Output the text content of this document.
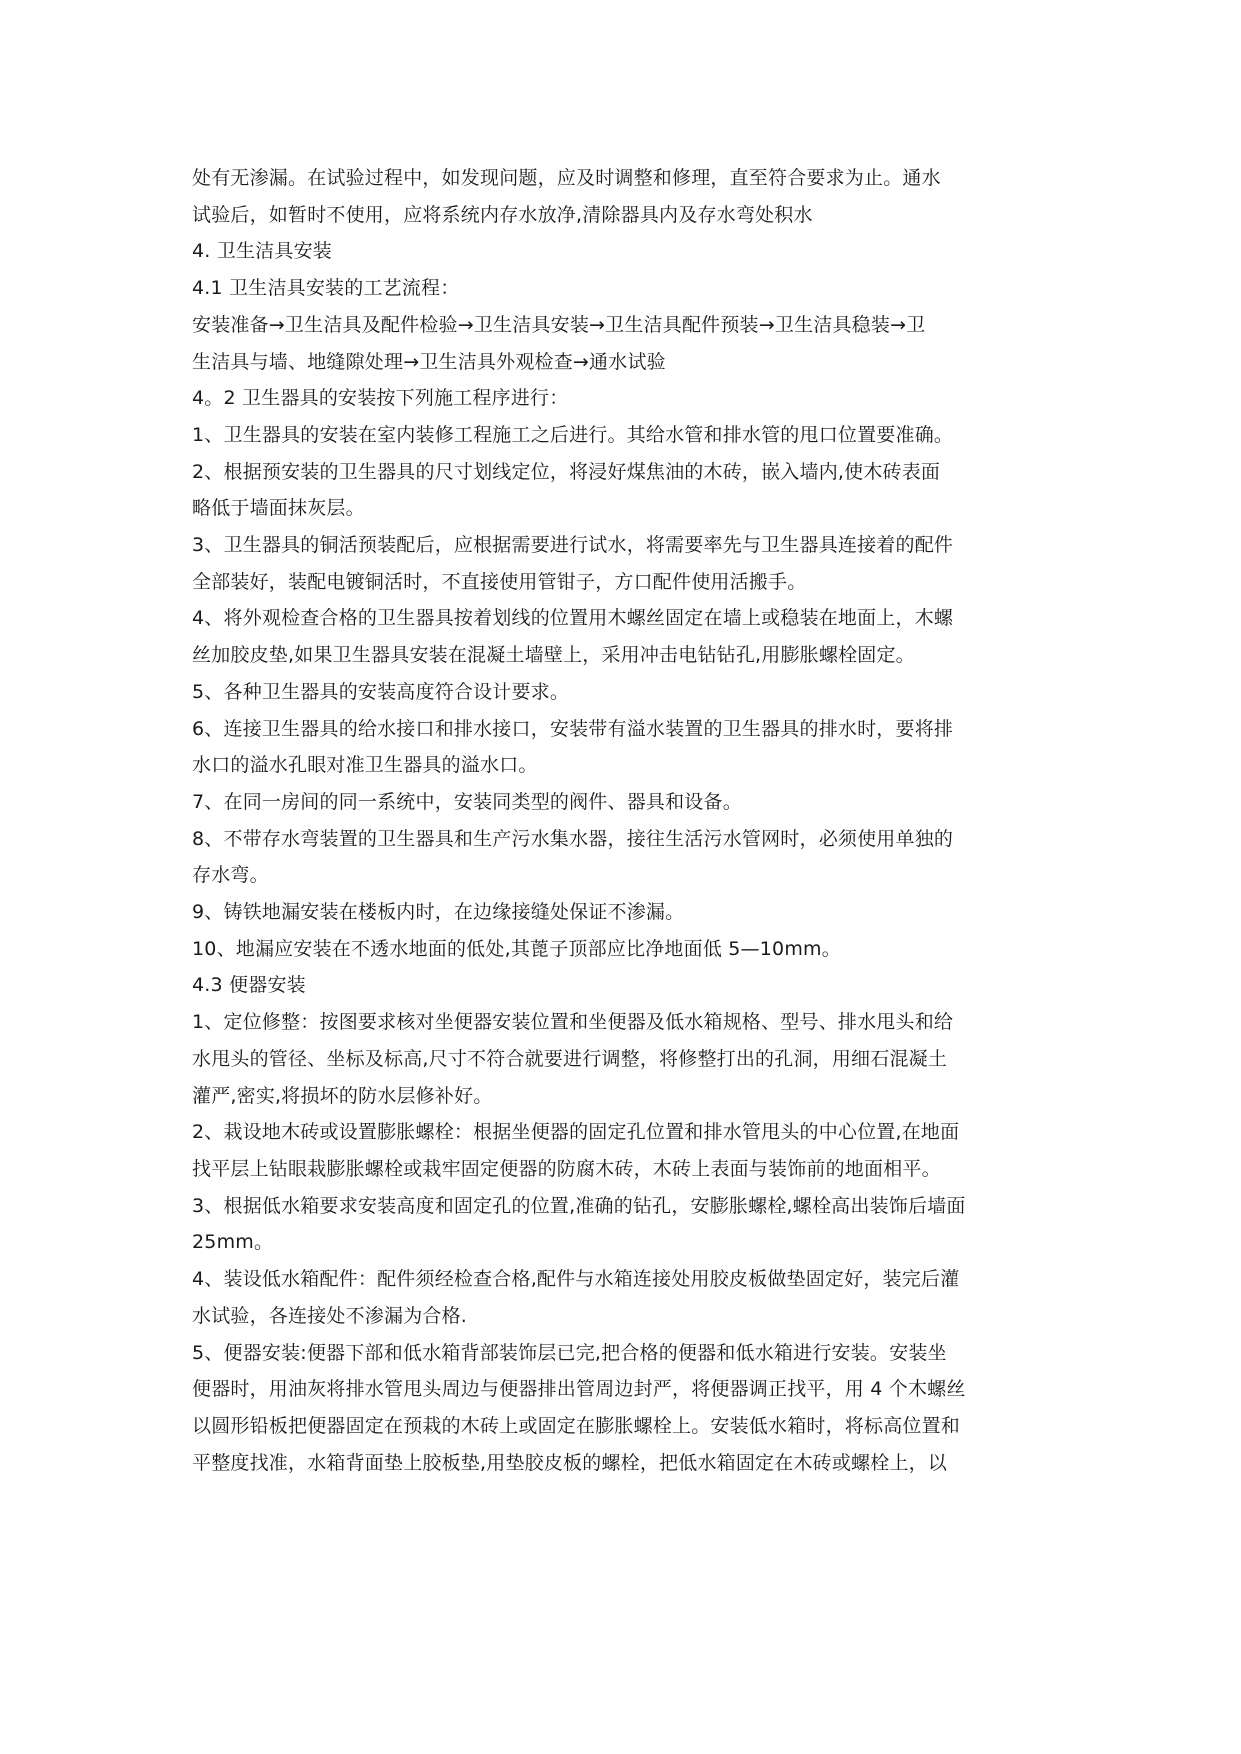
处有无渗漏。在试验过程中，如发现问题，应及时调整和修理，直至符合要求为止。通水
试验后，如暂时不使用，应将系统内存水放净,清除器具内及存水弯处积水
4. 卫生洁具安装
4.1 卫生洁具安装的工艺流程：
安装准备→卫生洁具及配件检验→卫生洁具安装→卫生洁具配件预装→卫生洁具稳装→卫
生洁具与墙、地缝隙处理→卫生洁具外观检查→通水试验
4。2 卫生器具的安装按下列施工程序进行：
1、卫生器具的安装在室内装修工程施工之后进行。其给水管和排水管的甩口位置要准确。
2、根据预安装的卫生器具的尺寸划线定位，将浸好煤焦油的木砖，嵌入墙内,使木砖表面
略低于墙面抹灰层。
3、卫生器具的铜活预装配后，应根据需要进行试水，将需要率先与卫生器具连接着的配件
全部装好，装配电镀铜活时，不直接使用管钳子，方口配件使用活搬手。
4、将外观检查合格的卫生器具按着划线的位置用木螺丝固定在墙上或稳装在地面上，木螺
丝加胶皮垫,如果卫生器具安装在混凝土墙壁上，采用冲击电钻钻孔,用膨胀螺栓固定。
5、各种卫生器具的安装高度符合设计要求。
6、连接卫生器具的给水接口和排水接口，安装带有溢水装置的卫生器具的排水时，要将排
水口的溢水孔眼对准卫生器具的溢水口。
7、在同一房间的同一系统中，安装同类型的阀件、器具和设备。
8、不带存水弯装置的卫生器具和生产污水集水器，接往生活污水管网时，必须使用单独的
存水弯。
9、铸铁地漏安装在楼板内时，在边缘接缝处保证不渗漏。
10、地漏应安装在不透水地面的低处,其蓖子顶部应比净地面低 5—10mm。
4.3 便器安装
1、定位修整：按图要求核对坐便器安装位置和坐便器及低水箱规格、型号、排水甩头和给
水甩头的管径、坐标及标高,尺寸不符合就要进行调整，将修整打出的孔洞，用细石混凝土
灌严,密实,将损坏的防水层修补好。
2、栽设地木砖或设置膨胀螺栓：根据坐便器的固定孔位置和排水管甩头的中心位置,在地面
找平层上钻眼栽膨胀螺栓或栽牢固定便器的防腐木砖，木砖上表面与装饰前的地面相平。
3、根据低水箱要求安装高度和固定孔的位置,准确的钻孔，安膨胀螺栓,螺栓高出装饰后墙面
25mm。
4、装设低水箱配件：配件须经检查合格,配件与水箱连接处用胶皮板做垫固定好，装完后灌
水试验，各连接处不渗漏为合格.
5、便器安装:便器下部和低水箱背部装饰层已完,把合格的便器和低水箱进行安装。安装坐
便器时，用油灰将排水管甩头周边与便器排出管周边封严，将便器调正找平，用 4 个木螺丝
以圆形铅板把便器固定在预栽的木砖上或固定在膨胀螺栓上。安装低水箱时，将标高位置和
平整度找准，水箱背面垫上胶板垫,用垫胶皮板的螺栓，把低水箱固定在木砖或螺栓上，以
